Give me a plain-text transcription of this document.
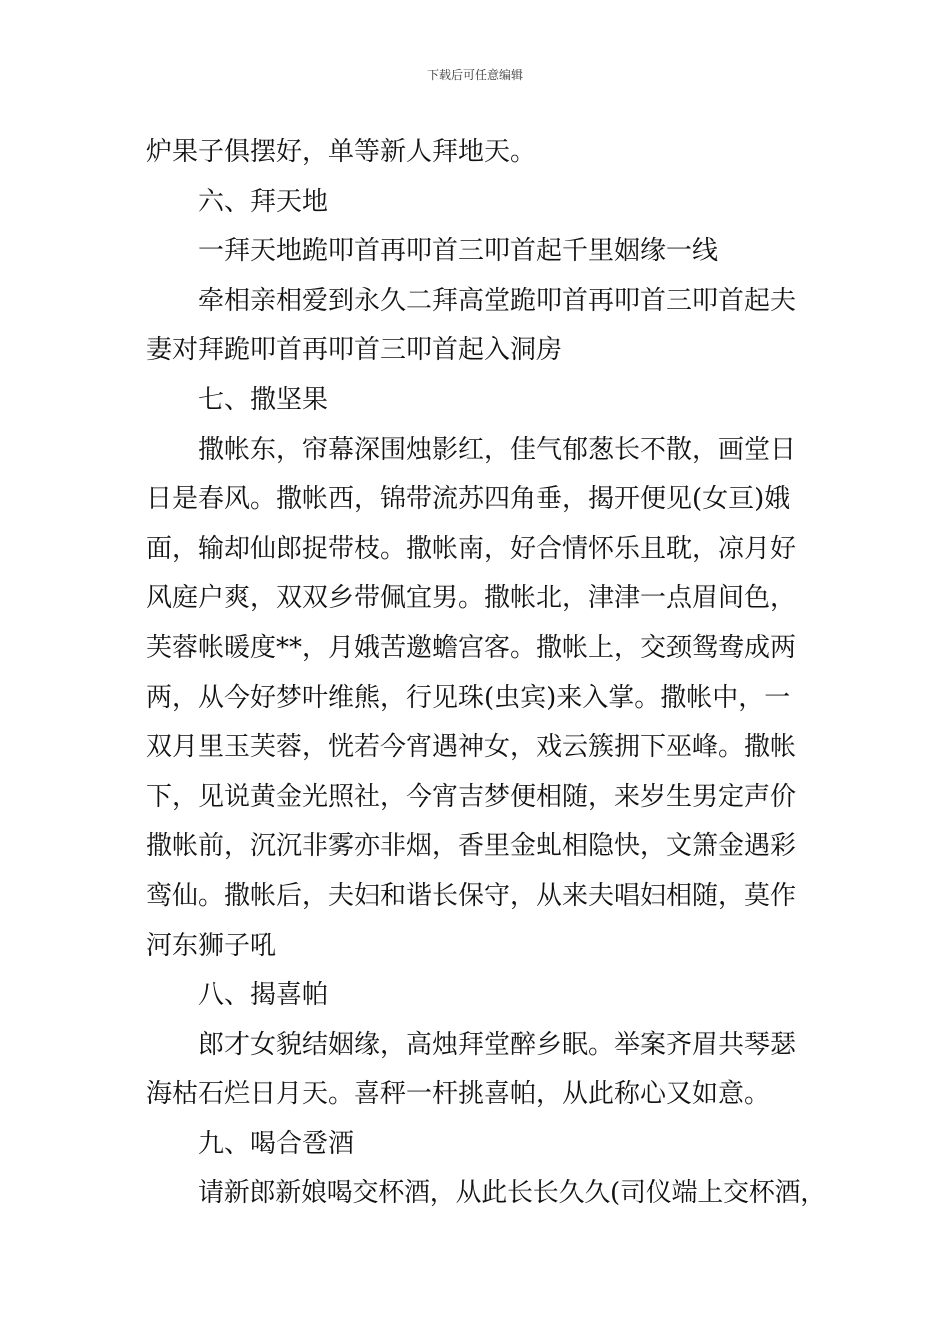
下载后可任意编辑
炉果子俱摆好，单等新人拜地天。
六、拜天地
一拜天地跪叩首再叩首三叩首起千里姻缘一线
牵相亲相爱到永久二拜高堂跪叩首再叩首三叩首起夫
妻对拜跪叩首再叩首三叩首起入洞房
七、撒坚果
撒帐东，帘幕深围烛影红，佳气郁葱长不散，画堂日
日是春风。撒帐西，锦带流苏四角垂，揭开便见(女亘)娥
面，输却仙郎捉带枝。撒帐南，好合情怀乐且耽，凉月好
风庭户爽，双双乡带佩宜男。撒帐北，津津一点眉间色，
芙蓉帐暖度**，月娥苦邀蟾宫客。撒帐上，交颈鸳鸯成两
两，从今好梦叶维熊，行见珠(虫宾)来入掌。撒帐中，一
双月里玉芙蓉，恍若今宵遇神女，戏云簇拥下巫峰。撒帐
下，见说黄金光照社，今宵吉梦便相随，来岁生男定声价
撒帐前，沉沉非雾亦非烟，香里金虬相隐快，文箫金遇彩
鸾仙。撒帐后，夫妇和谐长保守，从来夫唱妇相随，莫作
河东狮子吼
八、揭喜帕
郎才女貌结姻缘，高烛拜堂醉乡眠。举案齐眉共琴瑟
海枯石烂日月天。喜秤一杆挑喜帕，从此称心又如意。
九、喝合卺酒
请新郎新娘喝交杯酒，从此长长久久(司仪端上交杯酒，
